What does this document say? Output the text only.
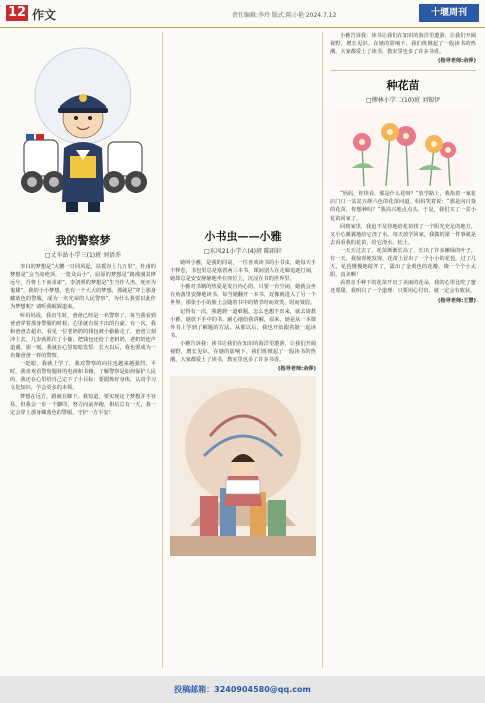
12 作文	责任编辑:李玲 版式:陈小艳 2024.7.12	十堰周刊
我的警察梦
□丈车站小学三(1)班 刘语乔

李白的梦想是“大鹏一日同风起，扶摇直上九万里”，杜甫的梦想是“会当凌绝顶，一览众山小”，屈原的梦想是“路漫漫其修远兮，吾将上下而求索”。李清照的梦想是“生当作人杰，死亦为鬼雄”。我的小小梦想，也有一个大大的梦想，那就是“穿上那身藏蓝色的警服，成为一名光荣的人民警察”，为什么我要以此作为梦想呢？请听我娓娓道来。

听妈妈说，我出生时，爸爸已经是一名警察了，每当我看到爸爸穿着那身警服的时候，心里就有说不出的自豪。有一次，我和爸爸去超市，看见一位老奶奶的钱包被小偷偷走了，爸爸立刻冲上去，几步就抓住了小偷，把钱包还给了老奶奶，老奶奶连声道谢。那一刻，我就在心里暗暗发誓：长大以后，我也要成为一名像爸爸一样的警察。

一眨眼，我就上学了，我对警察的向往也越来越强烈。平时，我喜欢看警察题材的电视和书籍，了解警察是如何保护人民的，我还在心里给自己定下了小目标：要锻炼好身体，认真学习文化知识，学会更多的本领。

梦想在远方，路就在脚下。我知道，要实现这个梦想并不容易，但我会一步一个脚印，努力向前奔跑，相信总有一天，我一定会穿上那身藏蓝色的警服，守护一方平安！

小书虫——小雅
□东风21小学六(4)班 陈雨轩

她叫小雅，是我的同桌，一位喜欢读书的小书虫，她每天手不释卷，书包里总是塞着两三本书，课间别人在走廊追逐打闹，她却总是安安静静地坐在座位上，沉浸在书的世界里。

小雅对书籍的热爱是发自内心的。只要一有空闲，她就会坐在角落里安静地读书。每当她翻开一本书，好像就进入了另一个世界，那张小小的脸上会随着书中的情节时而欢笑，时而皱眉。

记得有一次，我遇到一道难题，怎么也想不出来，就去请教小雅，她放下手中的书，耐心地给我讲解，原来，她是从一本课外书上学到了解题的方法。从那以后，我也开始跟着她一起读书。

小雅告诉我：读书让我们在知识的海洋里遨游，让我们开阔视野，增长见识。在她的影响下，我们班掀起了一股读书的热潮，大家都爱上了读书，教室里也多了许多书香。

(指导老师:余萍)

小雅告诉我：读书让我们在知识的海洋里遨游，让我们开阔视野，增长见识。在她的影响下，我们班掀起了一股读书的热潮，大家都爱上了读书，教室里也多了许多书香。

(指导老师:余萍)
种花苗
□柳林小学二(10)班 刘锡伊

“妈妈，你快看，那是什么花呀？”放学路上，我指着一家花店门口一盆盆五颜六色的花苗问道。妈妈笑着说：“那是向日葵的花苗，你想种吗？”我高兴地点点头，于是，我们买了一盆小花苗回家了。

回到家里，我迫不及待地给花苗找了一个阳光充足的地方，又小心翼翼地给它浇了水。每天放学回家，我做的第一件事就是去看看我的花苗，给它浇水、松土。

一天天过去了，花苗渐渐长高了，长出了许多嫩绿的叶子。有一天，我惊喜地发现，花苗上冒出了一个小小的花苞，过了几天，花苞慢慢地绽开了，露出了金黄色的花瓣，像一个个小太阳，真美啊！

看着亲手种下的花苗开出了美丽的花朵，我的心里比吃了蜜还要甜。我明白了一个道理：只要用心付出，就一定会有收获。

(指导老师:王慧)
投稿邮箱：3240904580@qq.com
